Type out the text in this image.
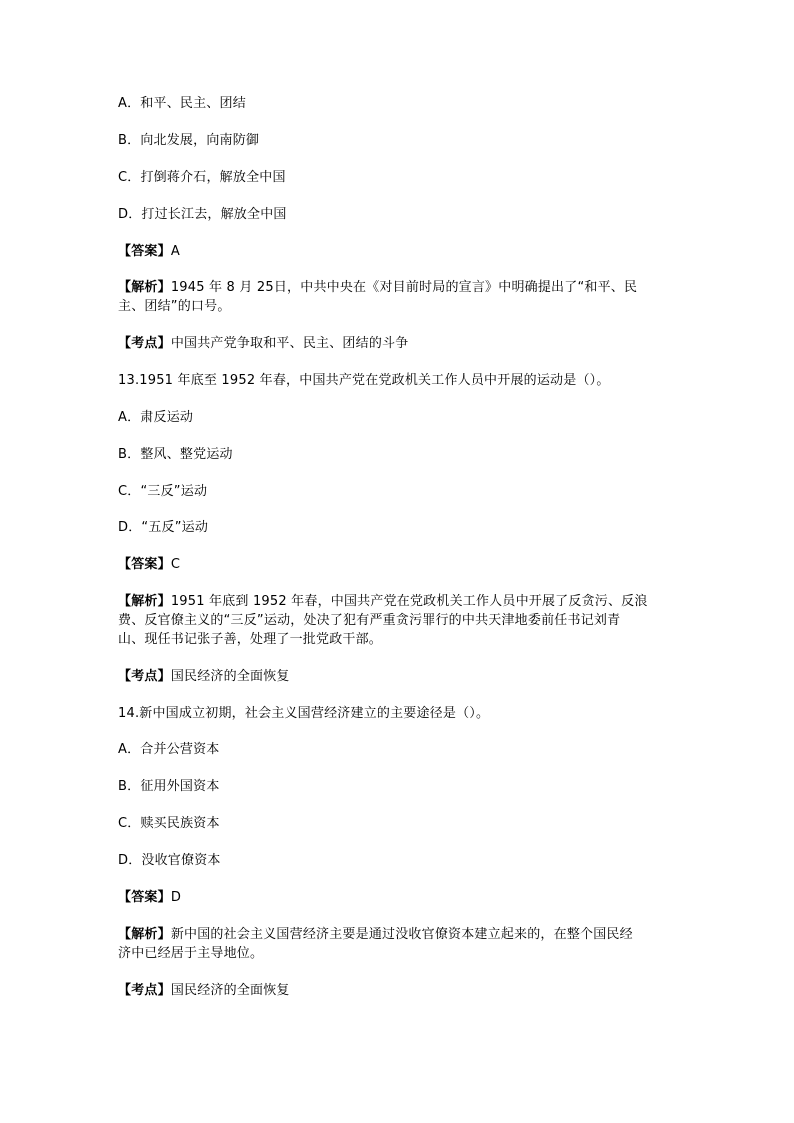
A．和平、民主、团结

B．向北发展，向南防御

C．打倒蒋介石，解放全中国

D．打过长江去，解放全中国

【答案】A

【解析】1945 年 8 月 25日，中共中央在《对目前时局的宣言》中明确提出了“和平、民

主、团结”的口号。

【考点】中国共产党争取和平、民主、团结的斗争

13.1951 年底至 1952 年春，中国共产党在党政机关工作人员中开展的运动是（）。

A．肃反运动

B．整风、整党运动

C．“三反”运动

D．“五反”运动

【答案】C

【解析】1951 年底到 1952 年春，中国共产党在党政机关工作人员中开展了反贪污、反浪

费、反官僚主义的“三反”运动，处决了犯有严重贪污罪行的中共天津地委前任书记刘青

山、现任书记张子善，处理了一批党政干部。

【考点】国民经济的全面恢复

14.新中国成立初期，社会主义国营经济建立的主要途径是（）。

A．合并公营资本

B．征用外国资本

C．赎买民族资本

D．没收官僚资本

【答案】D

【解析】新中国的社会主义国营经济主要是通过没收官僚资本建立起来的，在整个国民经

济中已经居于主导地位。

【考点】国民经济的全面恢复
